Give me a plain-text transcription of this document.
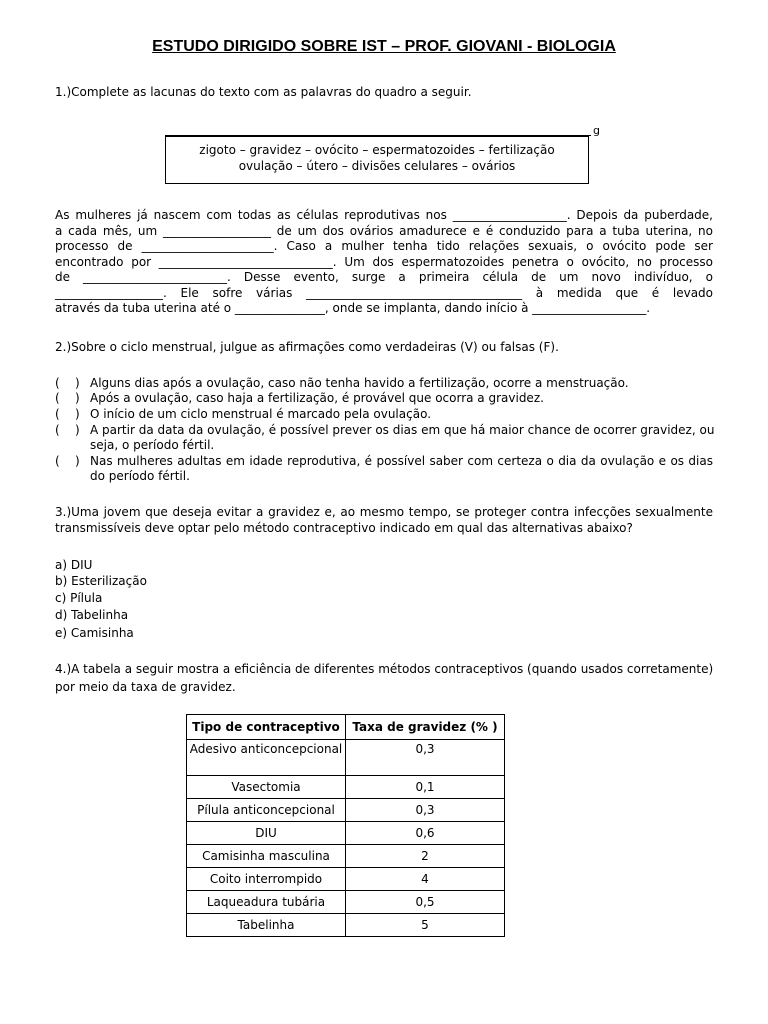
ESTUDO DIRIGIDO SOBRE IST – PROF. GIOVANI - BIOLOGIA
1.)Complete as lacunas do texto com as palavras do quadro a seguir.
g
zigoto – gravidez – ovócito – espermatozoides – fertilização
ovulação – útero – divisões celulares – ovários
As mulheres já nascem com todas as células reprodutivas nos ___________________. Depois da puberdade,
a cada mês, um __________________ de um dos ovários amadurece e é conduzido para a tuba uterina, no
processo de ______________________. Caso a mulher tenha tido relações sexuais, o ovócito pode ser
encontrado por _____________________________. Um dos espermatozoides penetra o ovócito, no processo
de ________________________. Desse evento, surge a primeira célula de um novo indivíduo, o
__________________. Ele sofre várias ____________________________________ à medida que é levado
através da tuba uterina até o _______________, onde se implanta, dando início à ___________________.
2.)Sobre o ciclo menstrual, julgue as afirmações como verdadeiras (V) ou falsas (F).
(    ) Alguns dias após a ovulação, caso não tenha havido a fertilização, ocorre a menstruação.
(    ) Após a ovulação, caso haja a fertilização, é provável que ocorra a gravidez.
(    ) O início de um ciclo menstrual é marcado pela ovulação.
(    ) A partir da data da ovulação, é possível prever os dias em que há maior chance de ocorrer gravidez, ou
seja, o período fértil.
(    ) Nas mulheres adultas em idade reprodutiva, é possível saber com certeza o dia da ovulação e os dias
do período fértil.
3.)Uma jovem que deseja evitar a gravidez e, ao mesmo tempo, se proteger contra infecções sexualmente
transmissíveis deve optar pelo método contraceptivo indicado em qual das alternativas abaixo?
a) DIU
b) Esterilização
c) Pílula
d) Tabelinha
e) Camisinha
4.)A tabela a seguir mostra a eficiência de diferentes métodos contraceptivos (quando usados corretamente)
por meio da taxa de gravidez.
Tipo de contraceptivo	Taxa de gravidez (% )
Adesivo anticoncepcional	0,3
Vasectomia	0,1
Pílula anticoncepcional	0,3
DIU	0,6
Camisinha masculina	2
Coito interrompido	4
Laqueadura tubária	0,5
Tabelinha	5
